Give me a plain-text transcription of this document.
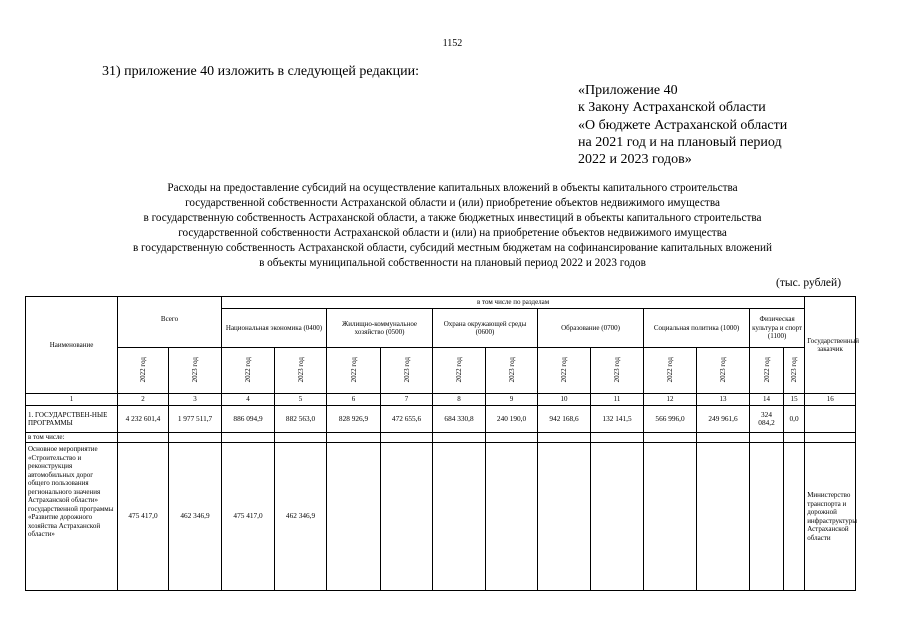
1152
31) приложение 40 изложить в следующей редакции:
«Приложение 40
к Закону Астраханской области
«О бюджете Астраханской области
на 2021 год и на плановый период
2022 и 2023 годов»
Расходы на предоставление субсидий на осуществление капитальных вложений в объекты капитального строительства
государственной собственности Астраханской области и (или) приобретение объектов недвижимого имущества
в государственную собственность Астраханской области, а также бюджетных инвестиций в объекты капитального строительства
государственной собственности Астраханской области и (или) на приобретение объектов недвижимого имущества
в государственную собственность Астраханской области, субсидий местным бюджетам на софинансирование капитальных вложений
в объекты муниципальной собственности на плановый период 2022 и 2023 годов
(тыс. рублей)
Наименование	Всего		в том числе по разделам												Государственный заказчик
			Национальная экономика (0400)		Жилищно-коммунальное хозяйство (0500)		Охрана окружающей среды (0600)		Образование (0700)		Социальная политика (1000)		Физическая культура и спорт (1100)		
	2022 год	2023 год	2022 год	2023 год	2022 год	2023 год	2022 год	2023 год	2022 год	2023 год	2022 год	2023 год	2022 год	2023 год	
1	2	3	4	5	6	7	8	9	10	11	12	13	14	15	16
1. ГОСУДАРСТВЕН-НЫЕ ПРОГРАММЫ	4 232 601,4	1 977 511,7	886 094,9	882 563,0	828 926,9	472 655,6	684 330,8	240 190,0	942 168,6	132 141,5	566 996,0	249 961,6	324 084,2	0,0	
в том числе:															
Основное мероприятие «Строительство и реконструкция автомобильных дорог общего пользования регионального значения Астраханской области» государственной программы «Развитие дорожного хозяйства Астраханской области»	475 417,0	462 346,9	475 417,0	462 346,9											Министерство транспорта и дорожной инфраструктуры Астраханской области
